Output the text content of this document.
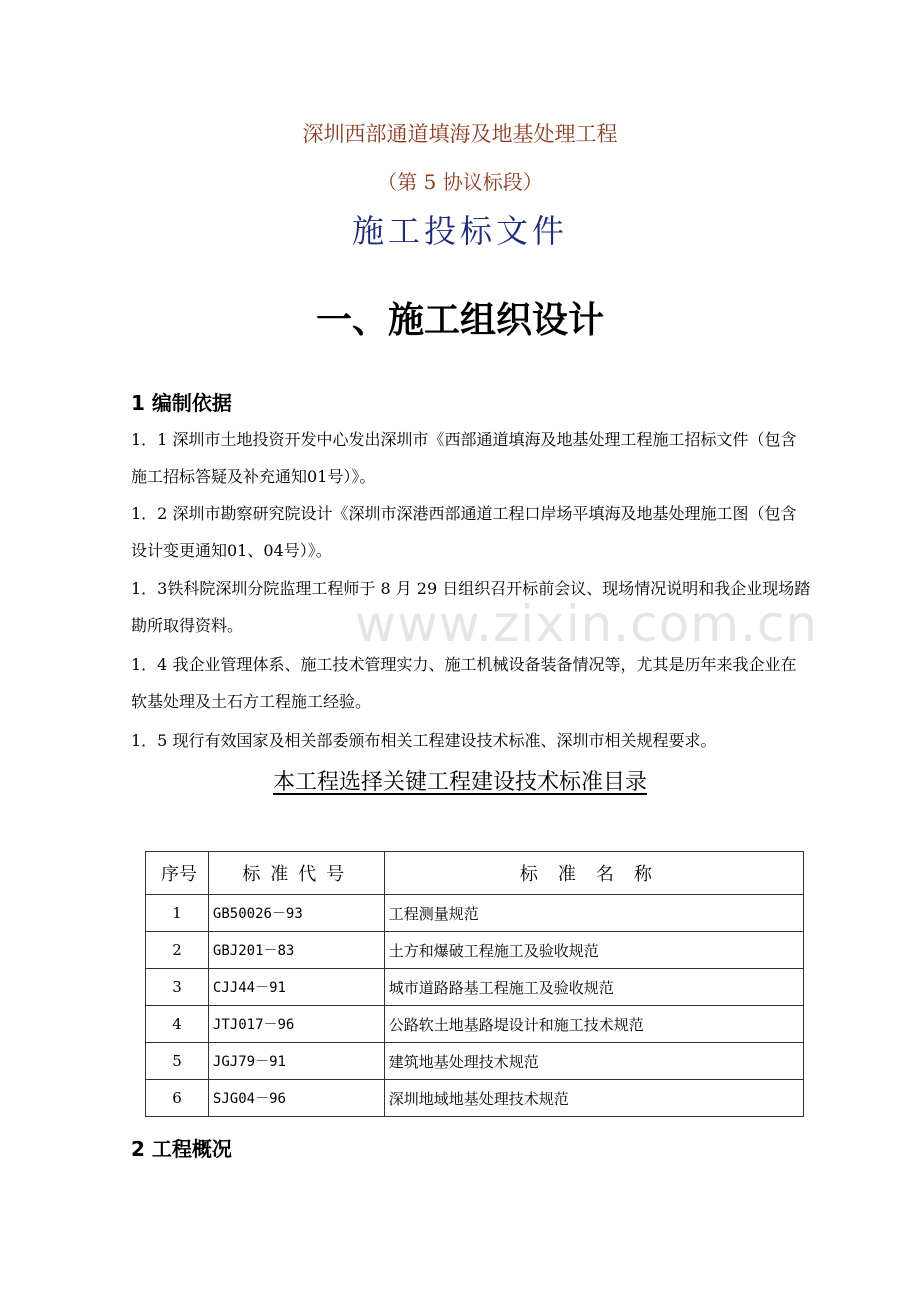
深圳西部通道填海及地基处理工程
（第 5 协议标段）
施工投标文件
一、施工组织设计
1 编制依据
1．1 深圳市土地投资开发中心发出深圳市《西部通道填海及地基处理工程施工招标文件（包含施工招标答疑及补充通知01号）》。
1．2 深圳市勘察研究院设计《深圳市深港西部通道工程口岸场平填海及地基处理施工图（包含设计变更通知01、04号）》。
1．3铁科院深圳分院监理工程师于 8 月 29 日组织召开标前会议、现场情况说明和我企业现场踏勘所取得资料。
1．4 我企业管理体系、施工技术管理实力、施工机械设备装备情况等，尤其是历年来我企业在软基处理及土石方工程施工经验。
1．5 现行有效国家及相关部委颁布相关工程建设技术标准、深圳市相关规程要求。
www.zixin.com.cn
本工程选择关键工程建设技术标准目录
序号	标准代号	标准名称
1	GB50026－93	工程测量规范
2	GBJ201－83	土方和爆破工程施工及验收规范
3	CJJ44－91	城市道路路基工程施工及验收规范
4	JTJ017－96	公路软土地基路堤设计和施工技术规范
5	JGJ79－91	建筑地基处理技术规范
6	SJG04－96	深圳地域地基处理技术规范
2 工程概况
